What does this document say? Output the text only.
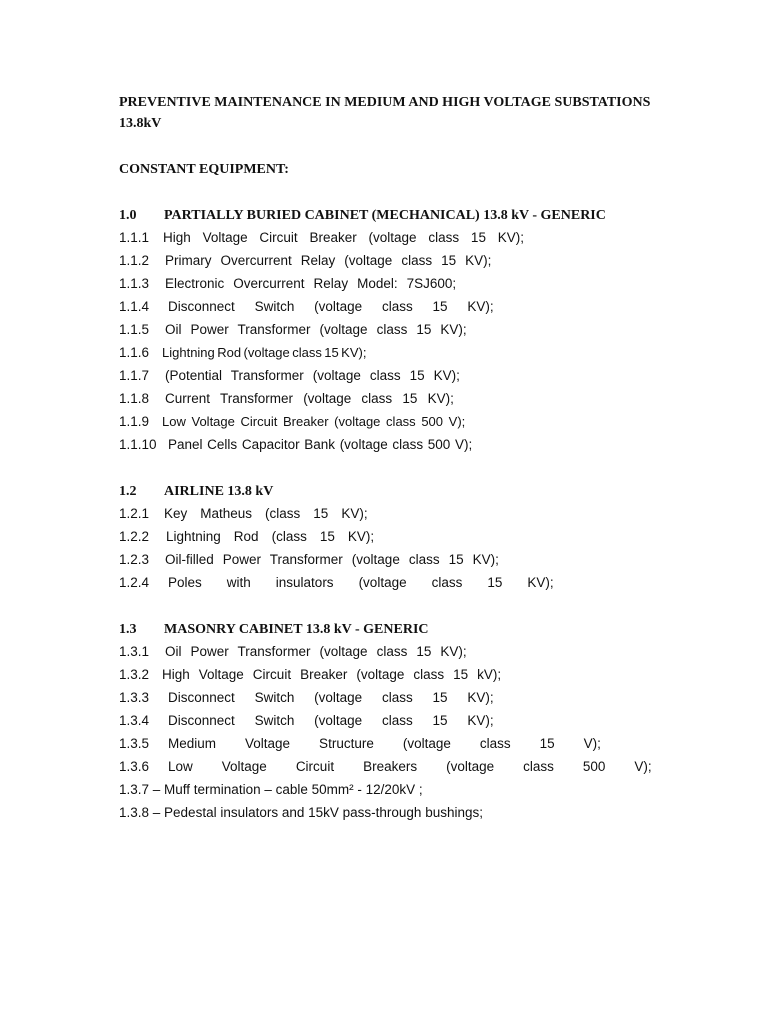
PREVENTIVE MAINTENANCE IN MEDIUM AND HIGH VOLTAGE SUBSTATIONS
13.8kV
CONSTANT EQUIPMENT:
1.0	PARTIALLY BURIED CABINET (MECHANICAL) 13.8 kV - GENERIC
1.1.1	High    Voltage    Circuit    Breaker    (voltage    class    15    KV);
1.1.2	Primary    Overcurrent    Relay    (voltage    class    15    KV);
1.1.3	Electronic    Overcurrent    Relay    Model:    7SJ600;
1.1.4	Disconnect    Switch    (voltage    class    15    KV);
1.1.5	Oil    Power    Transformer    (voltage    class    15    KV);
1.1.6 Lightning    Rod    (voltage    class    15    KV);
1.1.7	(Potential    Transformer    (voltage    class    15    KV);
1.1.8	Current    Transformer    (voltage    class    15    KV);
1.1.9 Low    Voltage    Circuit    Breaker    (voltage    class    500    V);
1.1.10 Panel   Cells   Capacitor   Bank   (voltage   class   500   V);
1.2	AIRLINE 13.8 kV
1.2.1	Key    Matheus    (class    15    KV);
1.2.2	Lightning    Rod    (class    15    KV);
1.2.3	Oil-filled    Power    Transformer    (voltage    class    15    KV);
1.2.4	Poles    with    insulators    (voltage    class    15    KV);
1.3	MASONRY CABINET 13.8 kV - GENERIC
1.3.1	Oil    Power    Transformer    (voltage    class    15    KV);
1.3.2 High    Voltage    Circuit    Breaker    (voltage    class    15    kV);
1.3.3	Disconnect    Switch    (voltage    class    15    KV);
1.3.4	Disconnect    Switch    (voltage    class    15    KV);
1.3.5	Medium    Voltage    Structure    (voltage    class    15    V);
1.3.6	Low    Voltage    Circuit    Breakers    (voltage    class    500    V);
1.3.7 – Muff termination – cable 50mm² - 12/20kV ;
1.3.8 – Pedestal insulators and 15kV pass-through bushings;
